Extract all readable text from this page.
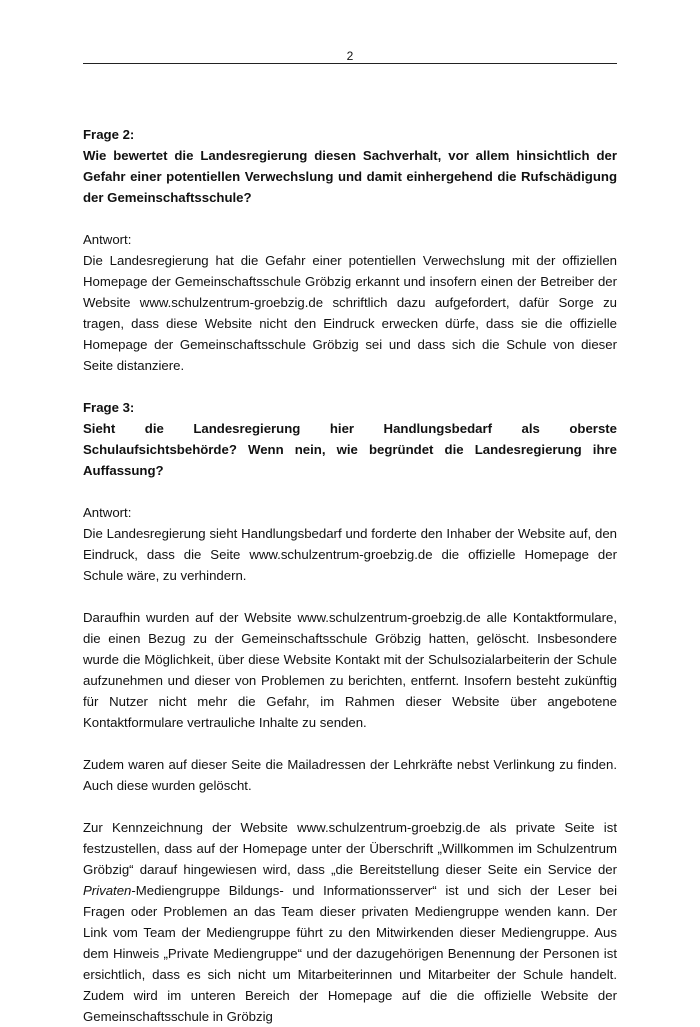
2

Frage 2:

Wie bewertet die Landesregierung diesen Sachverhalt, vor allem hinsichtlich der Gefahr einer potentiellen Verwechslung und damit einhergehend die Rufschädigung der Gemeinschaftsschule?

Antwort:

Die Landesregierung hat die Gefahr einer potentiellen Verwechslung mit der offiziellen Homepage der Gemeinschaftsschule Gröbzig erkannt und insofern einen der Betreiber der Website www.schulzentrum-groebzig.de schriftlich dazu aufgefordert, dafür Sorge zu tragen, dass diese Website nicht den Eindruck erwecken dürfe, dass sie die offizielle Homepage der Gemeinschaftsschule Gröbzig sei und dass sich die Schule von dieser Seite distanziere.

Frage 3:

Sieht die Landesregierung hier Handlungsbedarf als oberste Schulaufsichtsbehörde? Wenn nein, wie begründet die Landesregierung ihre Auffassung?

Antwort:

Die Landesregierung sieht Handlungsbedarf und forderte den Inhaber der Website auf, den Eindruck, dass die Seite www.schulzentrum-groebzig.de die offizielle Homepage der Schule wäre, zu verhindern.

Daraufhin wurden auf der Website www.schulzentrum-groebzig.de alle Kontaktformulare, die einen Bezug zu der Gemeinschaftsschule Gröbzig hatten, gelöscht. Insbesondere wurde die Möglichkeit, über diese Website Kontakt mit der Schulsozialarbeiterin der Schule aufzunehmen und dieser von Problemen zu berichten, entfernt. Insofern besteht zukünftig für Nutzer nicht mehr die Gefahr, im Rahmen dieser Website über angebotene Kontaktformulare vertrauliche Inhalte zu senden.

Zudem waren auf dieser Seite die Mailadressen der Lehrkräfte nebst Verlinkung zu finden. Auch diese wurden gelöscht.

Zur Kennzeichnung der Website www.schulzentrum-groebzig.de als private Seite ist festzustellen, dass auf der Homepage unter der Überschrift „Willkommen im Schulzentrum Gröbzig“ darauf hingewiesen wird, dass „die Bereitstellung dieser Seite ein Service der Privaten-Mediengruppe Bildungs- und Informationsserver“ ist und sich der Leser bei Fragen oder Problemen an das Team dieser privaten Mediengruppe wenden kann. Der Link vom Team der Mediengruppe führt zu den Mitwirkenden dieser Mediengruppe. Aus dem Hinweis „Private Mediengruppe“ und der dazugehörigen Benennung der Personen ist ersichtlich, dass es sich nicht um Mitarbeiterinnen und Mitarbeiter der Schule handelt. Zudem wird im unteren Bereich der Homepage auf die die offizielle Website der Gemeinschaftsschule in Gröbzig
